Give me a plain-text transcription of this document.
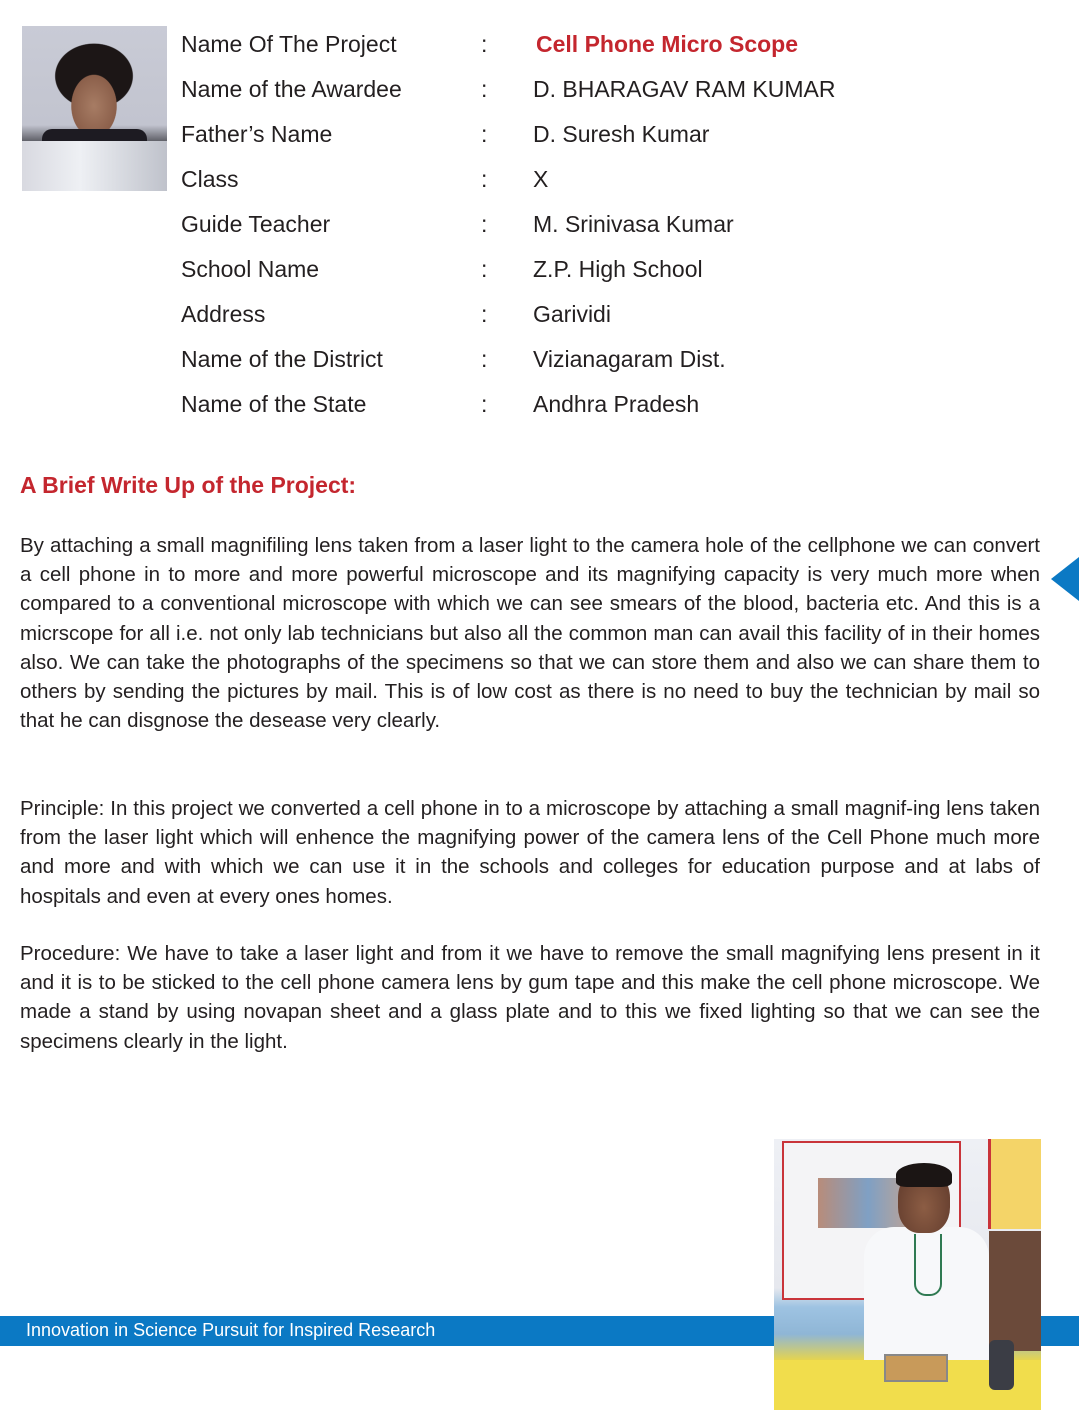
Name Of The Project	:	Cell Phone Micro Scope
Name of the Awardee	:	D. BHARAGAV RAM KUMAR
Father’s Name	:	D. Suresh Kumar
Class	:	X
Guide Teacher	:	M. Srinivasa Kumar
School Name	:	Z.P. High School
Address	:	Garividi
Name of the District	:	Vizianagaram Dist.
Name of the State	:	Andhra Pradesh
A Brief Write Up of the Project:

By attaching a small magnifiling lens taken from a laser light to the camera hole of the cellphone we can convert a cell phone in to more and more powerful microscope and its magnifying capacity is very much more when compared to a conventional microscope with which we can see smears of the blood, bacteria etc. And this is a micrscope for all i.e. not only lab technicians but also all the common man can avail this facility of in their homes also. We can take the photographs of the specimens so that we can store them and also we can share them to others by sending the pictures by mail. This is of low cost as there is no need to buy the technician by mail so that he can disgnose the desease very clearly.

Principle: In this project we converted a cell phone in to a microscope by attaching a small magnif-ing lens taken from the laser light which will enhence the magnifying power of the camera lens of the Cell Phone much more and more and with which we can use it in the schools and colleges for education purpose and at labs of hospitals and even at every ones homes.

Procedure: We have to take a laser light and from it we have to remove the small magnifying lens present in it and it is to be sticked to the cell phone camera lens by gum tape and this make the cell phone microscope. We made a stand by using novapan sheet and a glass plate and to this we fixed lighting so that we can see the specimens clearly in the light.

Innovation in Science Pursuit for Inspired Research
